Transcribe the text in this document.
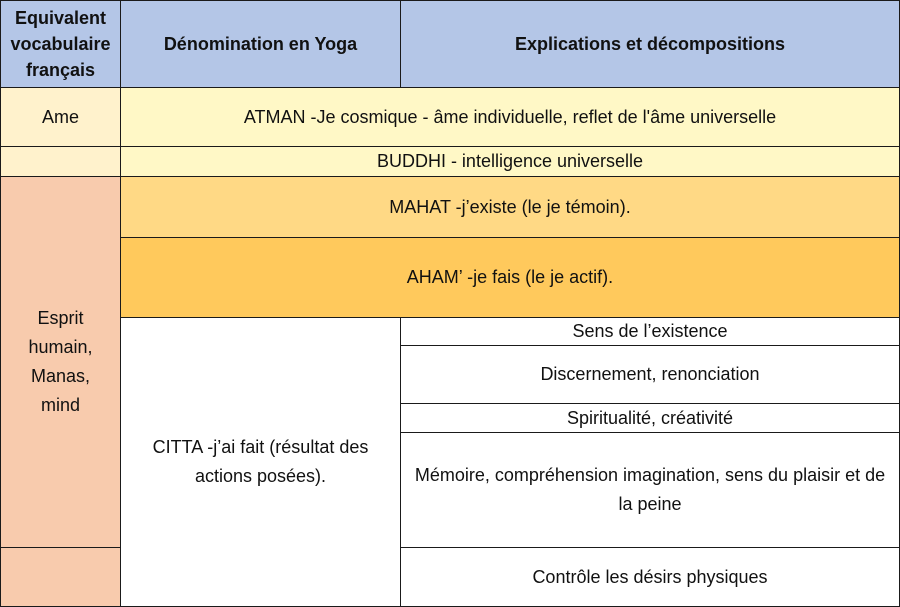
Equivalent vocabulaire français
Dénomination en Yoga	Explications et décompositions
Ame	ATMAN -Je cosmique - âme individuelle, reflet de l'âme universelle
BUDDHI - intelligence universelle
Esprit humain, Manas, mind
MAHAT -j’existe (le je témoin).
AHAM’ -je fais (le je actif).
CITTA -j’ai fait (résultat des actions posées).
Sens de l’existence
Discernement, renonciation
Spiritualité, créativité
Mémoire, compréhension imagination, sens du plaisir et de la peine
Contrôle les désirs physiques
